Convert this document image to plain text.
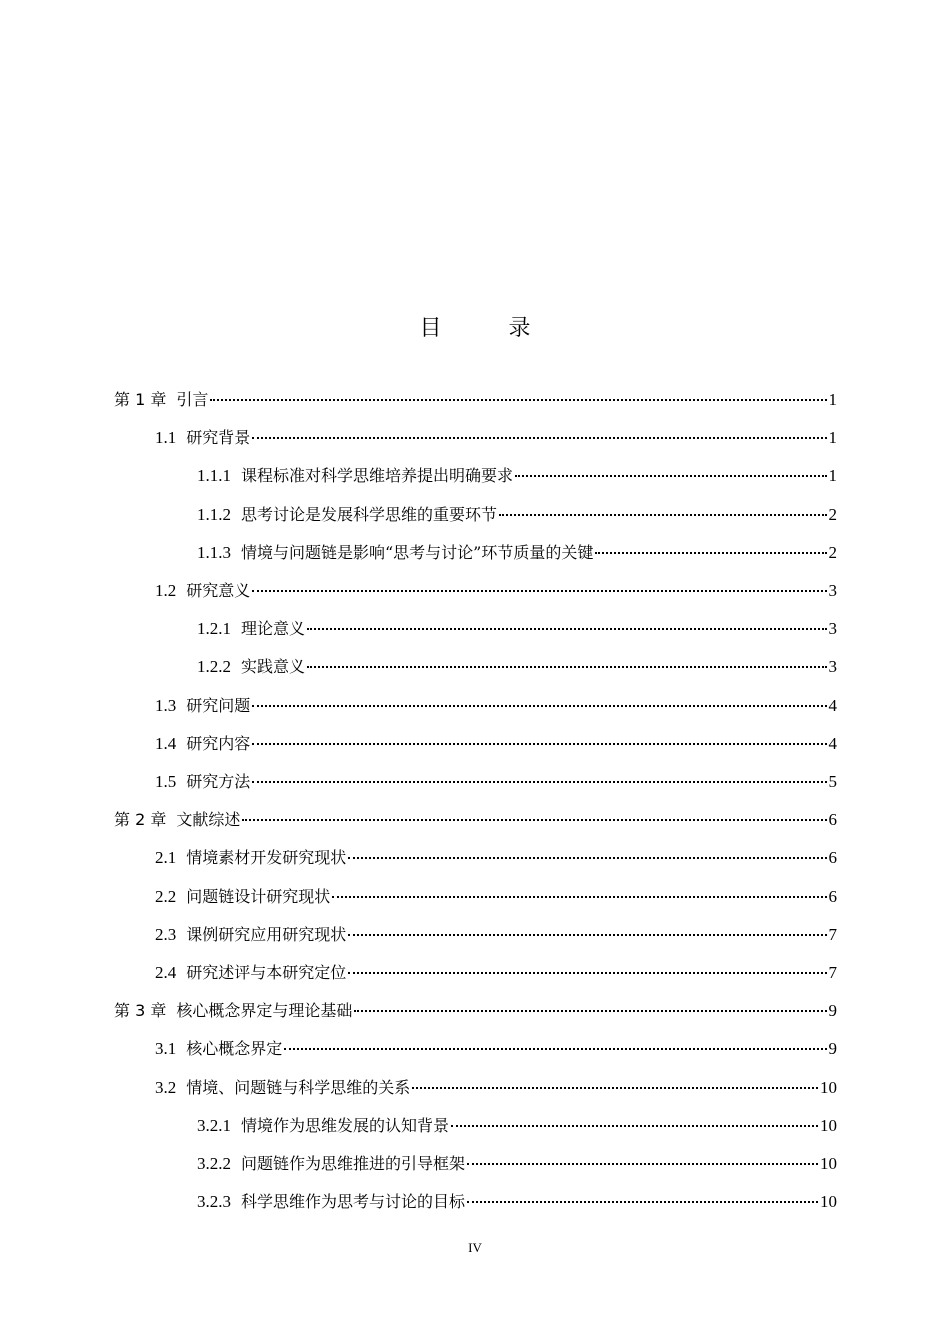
目 录
第 1 章 引言	1
1.1 研究背景	1
1.1.1 课程标准对科学思维培养提出明确要求	1
1.1.2 思考讨论是发展科学思维的重要环节	2
1.1.3 情境与问题链是影响“思考与讨论”环节质量的关键	2
1.2 研究意义	3
1.2.1 理论意义	3
1.2.2 实践意义	3
1.3 研究问题	4
1.4 研究内容	4
1.5 研究方法	5
第 2 章 文献综述	6
2.1 情境素材开发研究现状	6
2.2 问题链设计研究现状	6
2.3 课例研究应用研究现状	7
2.4 研究述评与本研究定位	7
第 3 章 核心概念界定与理论基础	9
3.1 核心概念界定	9
3.2 情境、问题链与科学思维的关系	10
3.2.1 情境作为思维发展的认知背景	10
3.2.2 问题链作为思维推进的引导框架	10
3.2.3 科学思维作为思考与讨论的目标	10
IV
